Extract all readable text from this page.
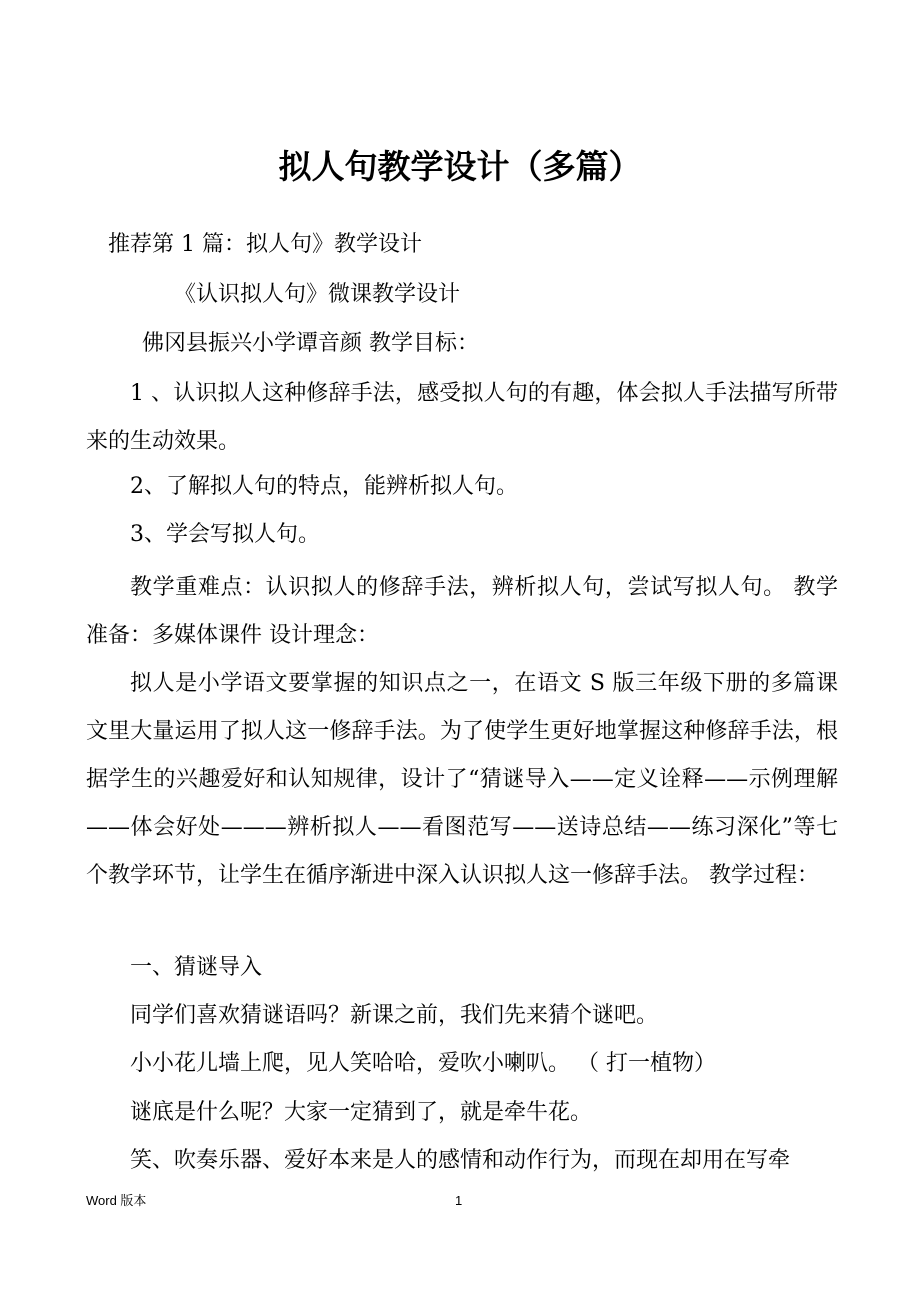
拟人句教学设计（多篇）
推荐第 1 篇：拟人句》教学设计
《认识拟人句》微课教学设计
佛冈县振兴小学谭音颜 教学目标：
1 、认识拟人这种修辞手法，感受拟人句的有趣，体会拟人手法描写所带来的生动效果。
2、了解拟人句的特点，能辨析拟人句。
3、学会写拟人句。
教学重难点：认识拟人的修辞手法，辨析拟人句，尝试写拟人句。 教学准备：多媒体课件 设计理念：
拟人是小学语文要掌握的知识点之一，在语文 S 版三年级下册的多篇课文里大量运用了拟人这一修辞手法。为了使学生更好地掌握这种修辞手法，根据学生的兴趣爱好和认知规律，设计了“猜谜导入——定义诠释——示例理解——体会好处———辨析拟人——看图范写——送诗总结——练习深化”等七个教学环节，让学生在循序渐进中深入认识拟人这一修辞手法。 教学过程：
一、猜谜导入
同学们喜欢猜谜语吗？新课之前，我们先来猜个谜吧。
小小花儿墙上爬，见人笑哈哈，爱吹小喇叭。 （ 打一植物）
谜底是什么呢？大家一定猜到了，就是牵牛花。
笑、吹奏乐器、爱好本来是人的感情和动作行为，而现在却用在写牵
Word 版本	1
